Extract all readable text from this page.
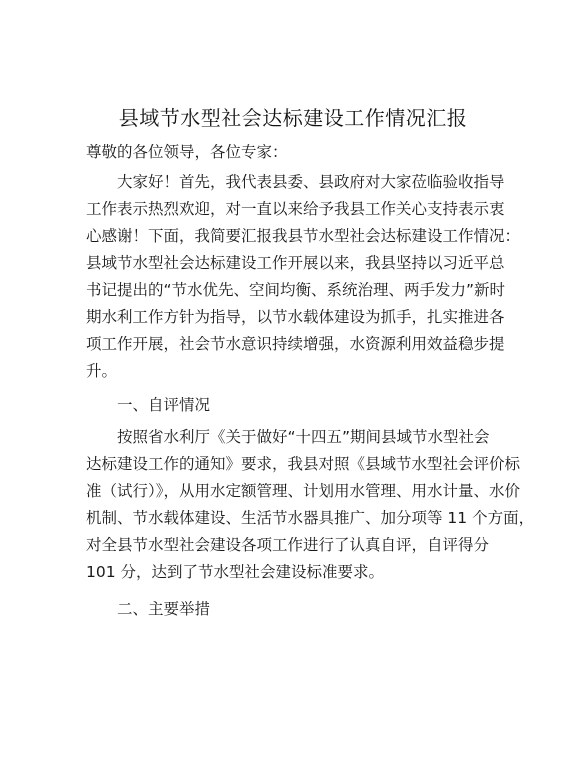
县域节水型社会达标建设工作情况汇报
尊敬的各位领导，各位专家：
大家好！首先，我代表县委、县政府对大家莅临验收指导
工作表示热烈欢迎，对一直以来给予我县工作关心支持表示衷
心感谢！下面，我简要汇报我县节水型社会达标建设工作情况：
县域节水型社会达标建设工作开展以来，我县坚持以习近平总
书记提出的“节水优先、空间均衡、系统治理、两手发力”新时
期水利工作方针为指导，以节水载体建设为抓手，扎实推进各
项工作开展，社会节水意识持续增强，水资源利用效益稳步提
升。
一、自评情况
按照省水利厅《关于做好“十四五”期间县域节水型社会
达标建设工作的通知》要求，我县对照《县域节水型社会评价标
准（试行）》，从用水定额管理、计划用水管理、用水计量、水价
机制、节水载体建设、生活节水器具推广、加分项等 11 个方面，
对全县节水型社会建设各项工作进行了认真自评，自评得分
101 分，达到了节水型社会建设标准要求。
二、主要举措
